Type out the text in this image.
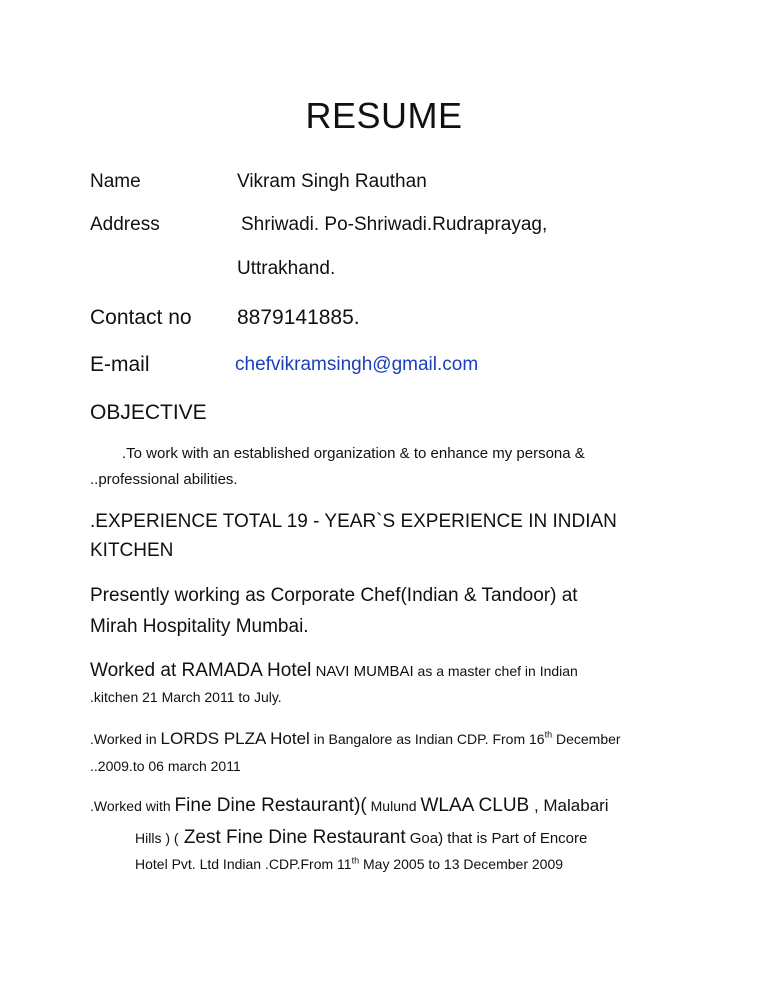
RESUME
Name	Vikram Singh Rauthan
Address	Shriwadi. Po-Shriwadi.Rudraprayag,
Uttrakhand.
Contact no 8879141885.
E-mail	chefvikramsingh@gmail.com
OBJECTIVE
.To work with an established organization & to enhance my persona &
..professional abilities.
.EXPERIENCE TOTAL 19 - YEAR`S EXPERIENCE IN INDIAN
KITCHEN
Presently working as Corporate Chef(Indian & Tandoor) at
Mirah Hospitality Mumbai.
Worked at RAMADA Hotel NAVI MUMBAI as a master chef in Indian
.kitchen 21 March 2011 to July.
.Worked in LORDS PLZA Hotel in Bangalore as Indian CDP. From 16th December
..2009.to 06 march 2011
.Worked with Fine Dine Restaurant)( Mulund WLAA CLUB , Malabari
Hills ) ( Zest Fine Dine Restaurant Goa) that is Part of Encore
Hotel Pvt. Ltd Indian .CDP.From 11th May 2005 to 13 December 2009
